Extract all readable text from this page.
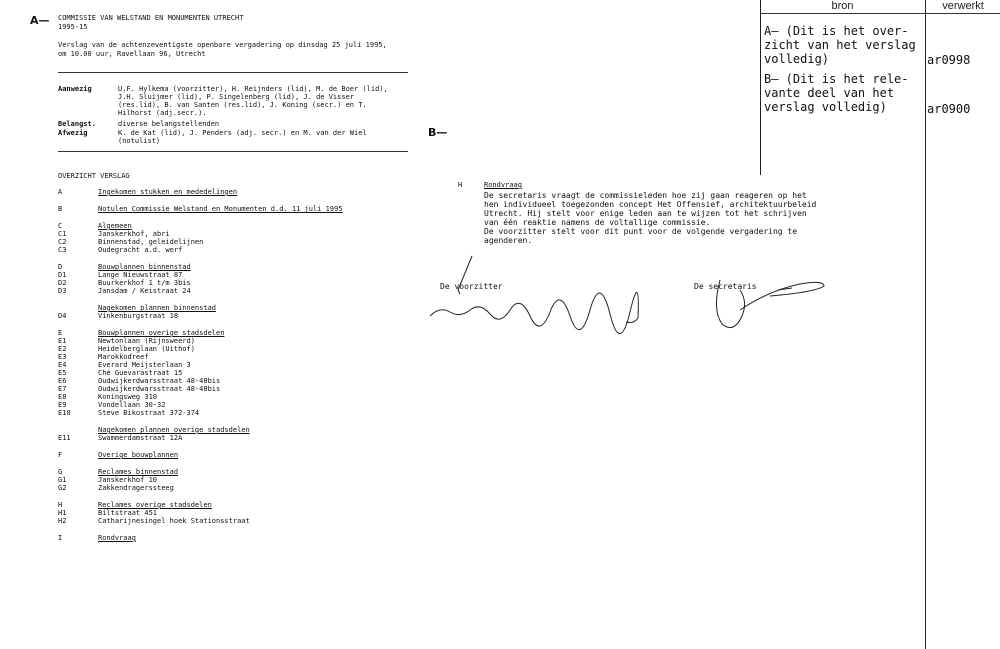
A—
B—
COMMISSIE VAN WELSTAND EN MONUMENTEN UTRECHT
1995-15
Verslag van de achtenzeventigste openbare vergadering op dinsdag 25 juli 1995,
om 10.00 uur, Ravellaan 96, Utrecht
Aanwezig	U.F. Hylkema (voorzitter), H. Reijnders (lid), M. de Boer (lid),
J.H. Sluijmer (lid), P. Singelenberg (lid), J. de Visser
(res.lid), B. van Santen (res.lid), J. Koning (secr.) en T.
Hilhorst (adj.secr.).
Belangst.	diverse belangstellenden
Afwezig	K. de Kat (lid), J. Penders (adj. secr.) en M. van der Wiel
(notulist)
OVERZICHT VERSLAG
A	Ingekomen stukken en mededelingen
B	Notulen Commissie Welstand en Monumenten d.d. 11 juli 1995
C	Algemeen
C1	Janskerkhof, abri
C2	Binnenstad, geleidelijnen
C3	Oudegracht a.d. werf
D	Bouwplannen binnenstad
D1	Lange Nieuwstraat 87
D2	Buurkerkhof 1 t/m 3bis
D3	Jansdam / Keistraat 24
Nagekomen plannen binnenstad
D4	Vinkenburgstraat 18
E	Bouwplannen overige stadsdelen
E1	Newtonlaan (Rijnsweerd)
E2	Heidelberglaan (Uithof)
E3	Marokkodreef
E4	Everard Meijsterlaan 3
E5	Ché Guevarastraat 15
E6	Oudwijkerdwarsstraat 48-48bis
E7	Oudwijkerdwarsstraat 48-48bis
E8	Koningsweg 310
E9	Vondellaan 30-32
E10	Steve Bikostraat 372-374
Nagekomen plannen overige stadsdelen
E11	Swammerdamstraat 12A
F	Overige bouwplannen
G	Reclames binnenstad
G1	Janskerkhof 10
G2	Zakkendragerssteeg
H	Reclames overige stadsdelen
H1	Biltstraat 451
H2	Catharijnesingel hoek Stationsstraat
I	Rondvraag
H	Rondvraag
De secretaris vraagt de commissieleden hoe zij gaan reageren op het
hen individueel toegezonden concept Het Offensief, architektuurbeleid
Utrecht. Hij stelt voor enige leden aan te wijzen tot het schrijven
van één reaktie namens de voltallige commissie.
De voorzitter stelt voor dit punt voor de volgende vergadering te
agenderen.
De voorzitter	De secretaris
bron	verwerkt
A— (Dit is het over-
zicht van het verslag
volledig)	ar0998
B— (Dit is het rele-
vante deel van het
verslag volledig)	ar0900
